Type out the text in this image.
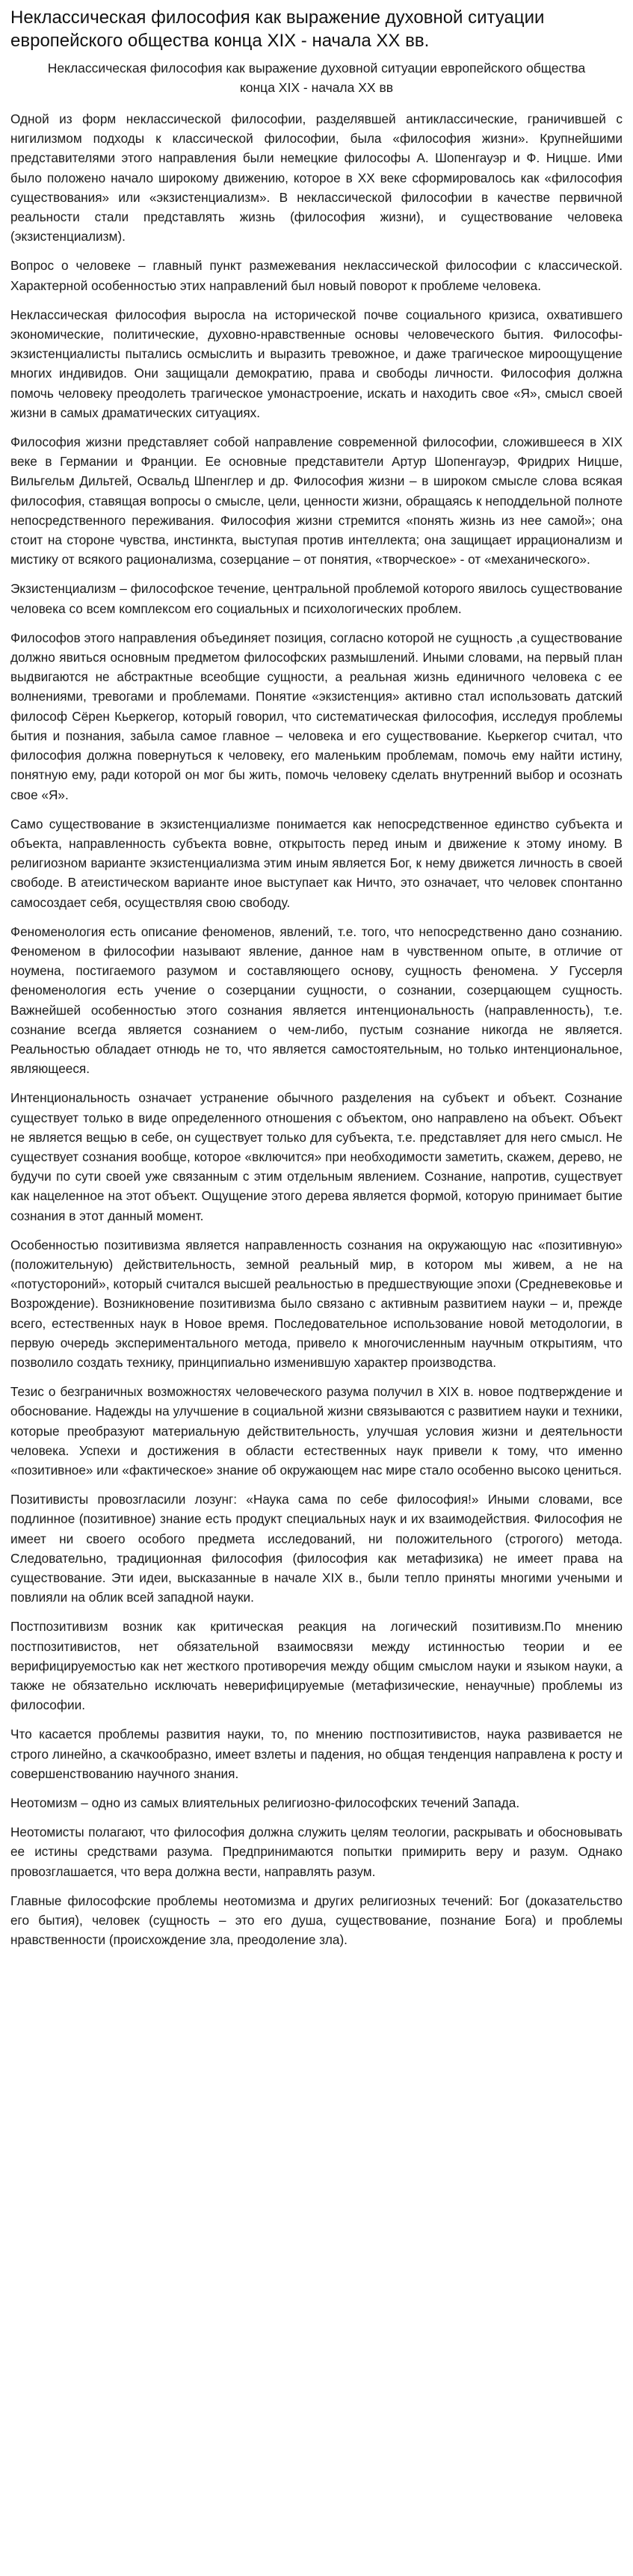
Неклассическая философия как выражение духовной ситуации европейского общества конца XIX - начала XX вв.
Неклассическая философия как выражение духовной ситуации европейского общества конца XIX - начала XX вв

Одной из форм неклассической философии, разделявшей антиклассические, граничившей с нигилизмом подходы к классической философии, была «философия жизни». Крупнейшими представителями этого направления были немецкие философы А. Шопенгауэр и Ф. Ницше. Ими было положено начало широкому движению, которое в XX веке сформировалось как «философия существования» или «экзистенциализм». В неклассической философии в качестве первичной реальности стали представлять жизнь (философия жизни), и существование человека (экзистенциализм).

Вопрос о человеке – главный пункт размежевания неклассической философии с классической. Характерной особенностью этих направлений был новый поворот к проблеме человека.

Неклассическая философия выросла на исторической почве социального кризиса, охватившего экономические, политические, духовно-нравственные основы человеческого бытия. Философы-экзистенциалисты пытались осмыслить и выразить тревожное, и даже трагическое мироощущение многих индивидов. Они защищали демократию, права и свободы личности. Философия должна помочь человеку преодолеть трагическое умонастроение, искать и находить свое «Я», смысл своей жизни в самых драматических ситуациях.

Философия жизни представляет собой направление современной философии, сложившееся в XIX веке в Германии и Франции. Ее основные представители Артур Шопенгауэр, Фридрих Ницше, Вильгельм Дильтей, Освальд Шпенглер и др. Философия жизни – в широком смысле слова всякая философия, ставящая вопросы о смысле, цели, ценности жизни, обращаясь к неподдельной полноте непосредственного переживания. Философия жизни стремится «понять жизнь из нее самой»; она стоит на стороне чувства, инстинкта, выступая против интеллекта; она защищает иррационализм и мистику от всякого рационализма, созерцание – от понятия, «творческое» - от «механического».

Экзистенциализм – философское течение, центральной проблемой которого явилось существование человека со всем комплексом его социальных и психологических проблем.

Философов этого направления объединяет позиция, согласно которой не сущность ,а существование должно явиться основным предметом философских размышлений. Иными словами, на первый план выдвигаются не абстрактные всеобщие сущности, а реальная жизнь единичного человека с ее волнениями, тревогами и проблемами. Понятие «экзистенция» активно стал использовать датский философ Сёрен Кьеркегор, который говорил, что систематическая философия, исследуя проблемы бытия и познания, забыла самое главное – человека и его существование. Кьеркегор считал, что философия должна повернуться к человеку, его маленьким проблемам, помочь ему найти истину, понятную ему, ради которой он мог бы жить, помочь человеку сделать внутренний выбор и осознать свое «Я».

Само существование в экзистенциализме понимается как непосредственное единство субъекта и объекта, направленность субъекта вовне, открытость перед иным и движение к этому иному. В религиозном варианте экзистенциализма этим иным является Бог, к нему движется личность в своей свободе. В атеистическом варианте иное выступает как Ничто, это означает, что человек спонтанно самосоздает себя, осуществляя свою свободу.

Феноменология есть описание феноменов, явлений, т.е. того, что непосредственно дано сознанию. Феноменом в философии называют явление, данное нам в чувственном опыте, в отличие от ноумена, постигаемого разумом и составляющего основу, сущность феномена. У Гуссерля феноменология есть учение о созерцании сущности, о сознании, созерцающем сущность. Важнейшей особенностью этого сознания является интенциональность (направленность), т.е. сознание всегда является сознанием о чем-либо, пустым сознание никогда не является. Реальностью обладает отнюдь не то, что является самостоятельным, но только интенциональное, являющееся.

Интенциональность означает устранение обычного разделения на субъект и объект. Сознание существует только в виде определенного отношения с объектом, оно направлено на объект. Объект не является вещью в себе, он существует только для субъекта, т.е. представляет для него смысл. Не существует сознания вообще, которое «включится» при необходимости заметить, скажем, дерево, не будучи по сути своей уже связанным с этим отдельным явлением. Сознание, напротив, существует как нацеленное на этот объект. Ощущение этого дерева является формой, которую принимает бытие сознания в этот данный момент.

Особенностью позитивизма является направленность сознания на окружающую нас «позитивную» (положительную) действительность, земной реальный мир, в котором мы живем, а не на «потустороний», который считался высшей реальностью в предшествующие эпохи (Средневековье и Возрождение). Возникновение позитивизма было связано с активным развитием науки – и, прежде всего, естественных наук в Новое время. Последовательное использование новой методологии, в первую очередь экспериментального метода, привело к многочисленным научным открытиям, что позволило создать технику, принципиально изменившую характер производства.

Тезис о безграничных возможностях человеческого разума получил в XIX в. новое подтверждение и обоснование. Надежды на улучшение в социальной жизни связываются с развитием науки и техники, которые преобразуют материальную действительность, улучшая условия жизни и деятельности человека. Успехи и достижения в области естественных наук привели к тому, что именно «позитивное» или «фактическое» знание об окружающем нас мире стало особенно высоко цениться.

Позитивисты провозгласили лозунг: «Наука сама по себе философия!» Иными словами, все подлинное (позитивное) знание есть продукт специальных наук и их взаимодействия. Философия не имеет ни своего особого предмета исследований, ни положительного (строгого) метода. Следовательно, традиционная философия (философия как метафизика) не имеет права на существование. Эти идеи, высказанные в начале XIX в., были тепло приняты многими учеными и повлияли на облик всей западной науки.

Постпозитивизм возник как критическая реакция на логический позитивизм.По мнению постпозитивистов, нет обязательной взаимосвязи между истинностью теории и ее верифицируемостью как нет жесткого противоречия между общим смыслом науки и языком науки, а также не обязательно исключать неверифицируемые (метафизические, ненаучные) проблемы из философии.

Что касается проблемы развития науки, то, по мнению постпозитивистов, наука развивается не строго линейно, а скачкообразно, имеет взлеты и падения, но общая тенденция направлена к росту и совершенствованию научного знания.

Неотомизм – одно из самых влиятельных религиозно-философских течений Запада.

Неотомисты полагают, что философия должна служить целям теологии, раскрывать и обосновывать ее истины средствами разума. Предпринимаются попытки примирить веру и разум. Однако провозглашается, что вера должна вести, направлять разум.

Главные философские проблемы неотомизма и других религиозных течений: Бог (доказательство его бытия), человек (сущность – это его душа, существование, познание Бога) и проблемы нравственности (происхождение зла, преодоление зла).
